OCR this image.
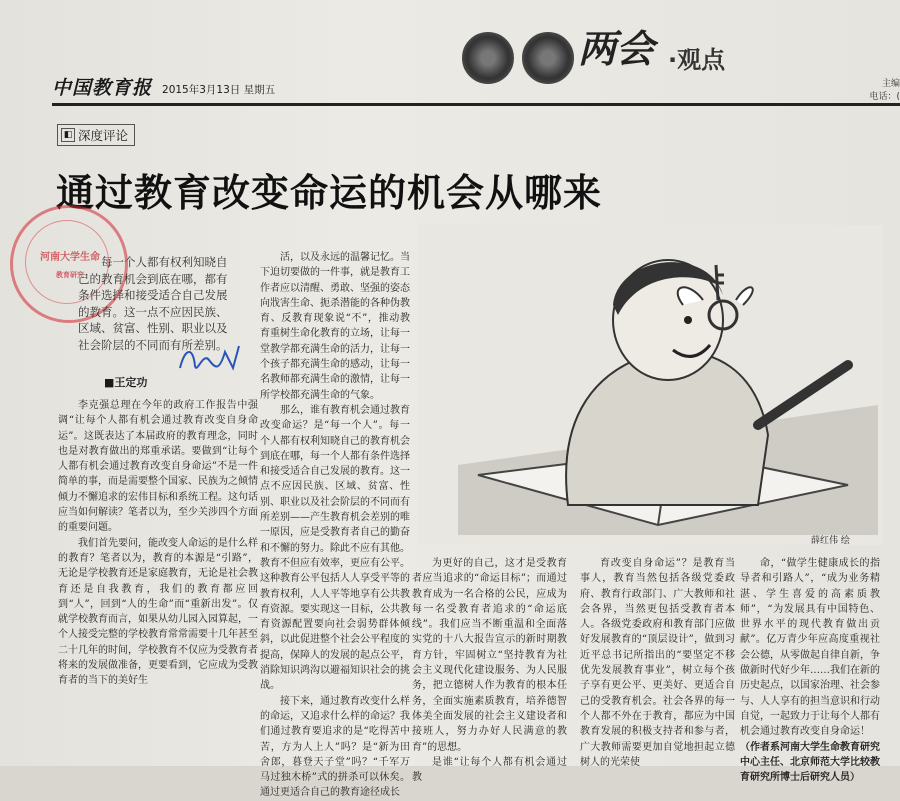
中国教育报 2015年3月13日 星期五
两会 ·观点
主编
电话：(
◧ 深度评论
通过教育改变命运的机会从哪来
河南大学生命
教育研究
每一个人都有权利知晓自己的教育机会到底在哪，都有条件选择和接受适合自己发展的教育。这一点不应因民族、区域、贫富、性别、职业以及社会阶层的不同而有所差别。
■王定功

李克强总理在今年的政府工作报告中强调“让每个人都有机会通过教育改变自身命运”。这既表达了本届政府的教育理念，同时也是对教育做出的郑重承诺。要做到“让每个人都有机会通过教育改变自身命运”不是一件简单的事，而是需要整个国家、民族为之倾情倾力不懈追求的宏伟目标和系统工程。这句话应当如何解读？笔者以为，至少关涉四个方面的重要问题。

我们首先要问，能改变人命运的是什么样的教育？笔者以为，教育的本源是“引路”，无论是学校教育还是家庭教育，无论是社会教育还是自我教育，我们的教育都应回到“人”，回到“人的生命”而“重新出发”。仅就学校教育而言，如果从幼儿园入园算起，一个人接受完整的学校教育常常需要十几年甚至二十几年的时间，学校教育不仅应为受教育者将来的发展做准备，更要看到，它应成为受教育者的当下的美好生

活，以及永远的温馨记忆。当下迫切要做的一件事，就是教育工作者应以清醒、勇敢、坚强的姿态向戕害生命、扼杀潜能的各种伪教育、反教育现象说“不”，推动教育重树生命化教育的立场，让每一堂教学都充满生命的活力，让每一个孩子都充满生命的感动，让每一名教师都充满生命的激情，让每一所学校都充满生命的气象。

那么，谁有教育机会通过教育改变命运？是“每一个人”。每一个人都有权利知晓自己的教育机会到底在哪，每一个人都有条件选择和接受适合自己发展的教育。这一点不应因民族、区域、贫富、性别、职业以及社会阶层的不同而有所差别——产生教育机会差别的唯一原因，应是受教育者自己的勤奋和不懈的努力。除此不应有其他。教育不但应有效率，更应有公平。这种教育公平包括人人享受平等的教育权利，人人平等地享有公共教育资源。要实现这一目标，公共教育资源配置要向社会弱势群体倾斜，以此促进整个社会公平程度的提高，保障人的发展的起点公平，消除知识鸿沟以避福知识社会的挑战。

接下来，通过教育改变什么样的命运，又追求什么样的命运？我们通过教育要追求的是“吃得苦中苦，方为人上人”吗？是“新为田舍郎，暮登天子堂”吗？“千军万马过独木桥”式的拼杀可以休矣。通过更适合自己的教育途径成长

薛红伟 绘

为更好的自己，这才是受教育者应当追求的“命运目标”；而通过教育成为一名合格的公民，应成为每一名受教育者追求的“命运底线”。我们应当不断重温和全面落实党的十八大报告宣示的新时期教育方针，牢固树立“坚持教育为社会主义现代化建设服务、为人民服务，把立德树人作为教育的根本任务，全面实施素质教育，培养德智体美全面发展的社会主义建设者和接班人，努力办好人民满意的教育”的思想。

是谁“让每个人都有机会通过教

育改变自身命运”？是教育当事人，教育当然包括各级党委政府、教育行政部门、广大教师和社会各界，当然更包括受教育者本人。各级党委政府和教育部门应做好发展教育的“顶层设计”，做到习近平总书记所指出的“要坚定不移优先发展教育事业”，树立每个孩子享有更公平、更美好、更适合自己的受教育机会。社会各界的每一个人都不外在于教育，都应为中国教育发展的积极支持者和参与者，广大教师需要更加自觉地担起立德树人的光荣使

命，“做学生健康成长的指导者和引路人”，“成为业务精湛、学生喜爱的高素质教师”，“为发展具有中国特色、世界水平的现代教育做出贡献”。亿万青少年应高度重视社会公德，从零做起自律自新，争做新时代好少年……我们在新的历史起点，以国家治理、社会参与、人人享有的担当意识和行动自觉，一起致力于让每个人都有机会通过教育改变自身命运！

（作者系河南大学生命教育研究中心主任、北京师范大学比较教育研究所博士后研究人员）
